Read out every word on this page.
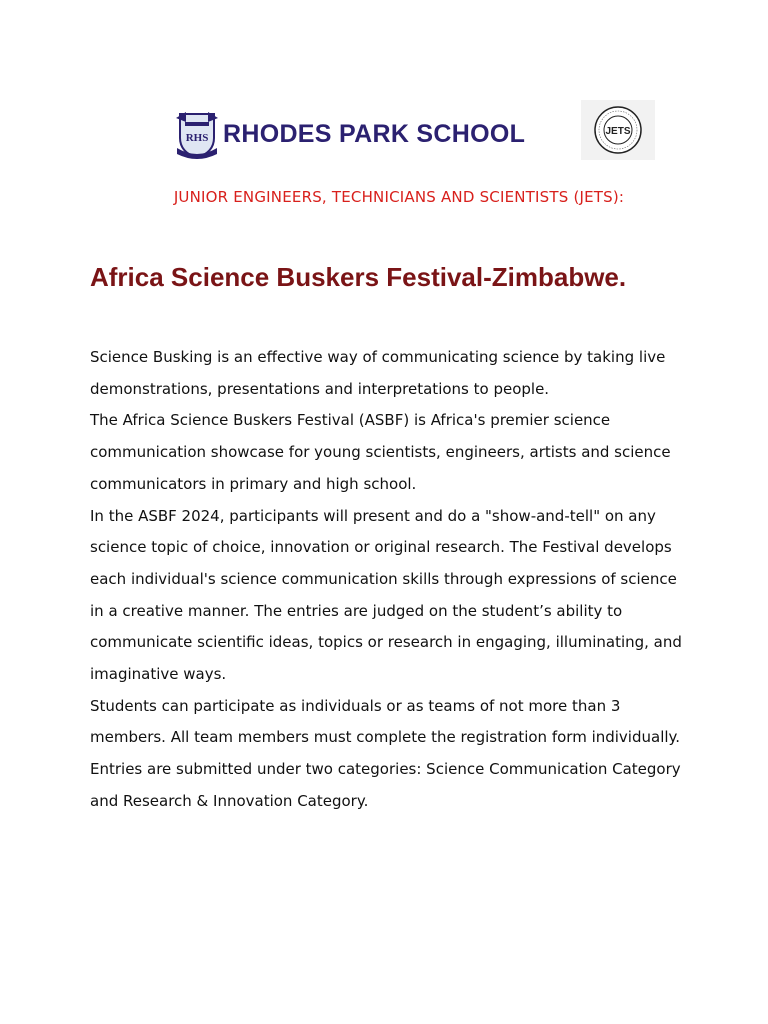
RHS RHODES PARK SCHOOL	JETS
JUNIOR ENGINEERS, TECHNICIANS AND SCIENTISTS (JETS):
Africa Science Buskers Festival-Zimbabwe.

Science Busking is an effective way of communicating science by taking live demonstrations, presentations and interpretations to people.

The Africa Science Buskers Festival (ASBF) is Africa's premier science communication showcase for young scientists, engineers, artists and science communicators in primary and high school.

In the ASBF 2024, participants will present and do a "show-and-tell" on any science topic of choice, innovation or original research. The Festival develops each individual's science communication skills through expressions of science in a creative manner. The entries are judged on the student’s ability to communicate scientific ideas, topics or research in engaging, illuminating, and imaginative ways.

Students can participate as individuals or as teams of not more than 3 members. All team members must complete the registration form individually. Entries are submitted under two categories: Science Communication Category and Research & Innovation Category.
